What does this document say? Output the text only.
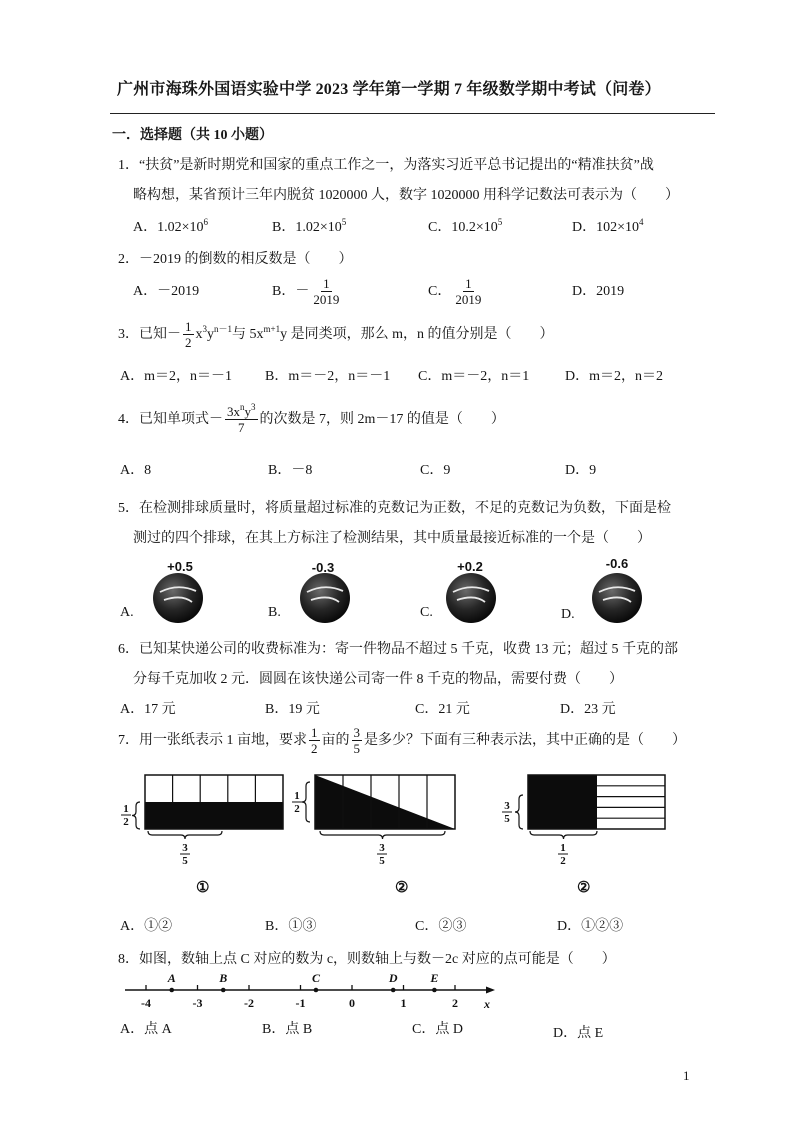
广州市海珠外国语实验中学 2023 学年第一学期 7 年级数学期中考试（问卷）
一．选择题（共 10 小题）
1．“扶贫”是新时期党和国家的重点工作之一，为落实习近平总书记提出的“精准扶贫”战
略构想，某省预计三年内脱贫 1020000 人，数字 1020000 用科学记数法可表示为（　　）
A．$1.02\times 10^6$	B．$1.02\times 10^5$	C．$10.2\times 10^5$	D．$102\times 10^4$
2．－2019 的倒数的相反数是（　　）
A．－2019	B．－ $\frac{1}{2019}$	C． $\frac{1}{2019}$	D．2019
3．已知－ $\frac{1}{2} x^3y^{n-1}$与 $5x^{m+1}y$ 是同类项，那么 m，n 的值分别是（　　）
A．m＝2，n＝－1 B．m＝－2，n＝－1 C．m＝－2，n＝1	D．m＝2，n＝2
4．已知单项式－ $\frac{3x^ny^3}{7}$ 的次数是 7，则 2m－17 的值是（　　）
A．8	B．－8	C．9	D．9
5．在检测排球质量时，将质量超过标准的克数记为正数，不足的克数记为负数，下面是检
测过的四个排球，在其上方标注了检测结果，其中质量最接近标准的一个是（　　）
+0.5	-0.3	+0.2	-0.6
A.	B.	C.	D.
6．已知某快递公司的收费标准为：寄一件物品不超过 5 千克，收费 13 元；超过 5 千克的部
分每千克加收 2 元．圆圆在该快递公司寄一件 8 千克的物品，需要付费（　　）
A．17 元	B．19 元	C．21 元	D．23 元
7．用一张纸表示 1 亩地，要求 $\frac{1}{2}$ 亩的 $\frac{3}{5}$ 是多少？下面有三种表示法，其中正确的是（　　）
1
2
3
5
1
2
3
5
3
5
1
2
①	②	②
A．①②	B．①③	C．②③	D．①②③
8．如图，数轴上点 C 对应的数为 c，则数轴上与数－2c 对应的点可能是（　　）
-4	-3	-2	-1	0	1	2
A	B	C	D	E
x
A．点 A	B．点 B	C．点 D	D．点 E
1
